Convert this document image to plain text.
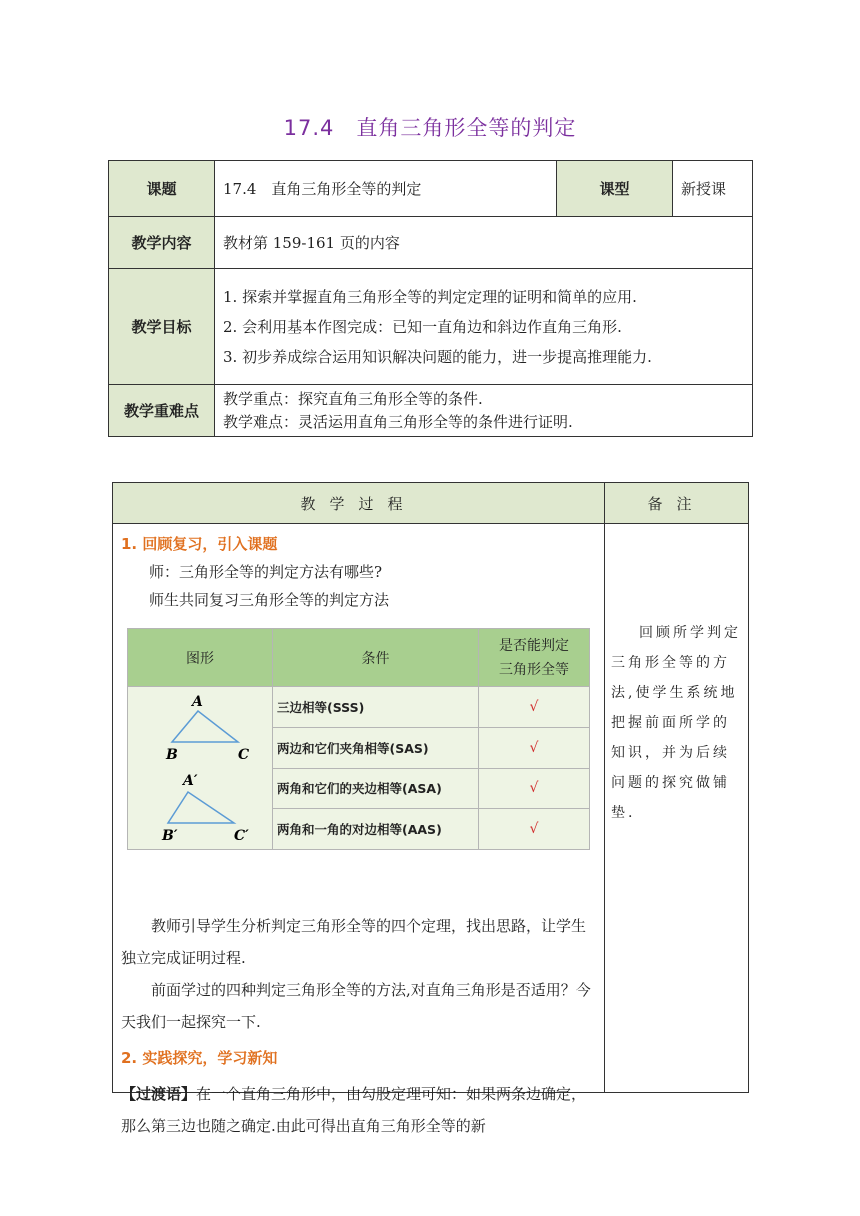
17.4　直角三角形全等的判定
课题	17.4　直角三角形全等的判定	课型	新授课
教学内容	教材第 159-161 页的内容		
教学目标	1. 探索并掌握直角三角形全等的判定定理的证明和简单的应用.
2. 会利用基本作图完成：已知一直角边和斜边作直角三角形.
3. 初步养成综合运用知识解决问题的能力，进一步提高推理能力.		

教学重难点	教学重点：探究直角三角形全等的条件.
教学难点：灵活运用直角三角形全等的条件进行证明.		
教学过程	备注

1. 回顾复习，引入课题
师：三角形全等的判定方法有哪些?
师生共同复习三角形全等的判定方法
图形	条件	
是否能判定
三角形全等

A
B	C
A′
B′	C′
	三边相等(SSS)	√
两边和它们夹角相等(SAS)	√
两角和它们的夹边相等(ASA)	√
两角和一角的对边相等(AAS)	√
教师引导学生分析判定三角形全等的四个定理，找出思路，让学生独立完成证明过程.
前面学过的四种判定三角形全等的方法,对直角三角形是否适用？今天我们一起探究一下.
2. 实践探究，学习新知
【过渡语】在一个直角三角形中，由勾股定理可知：如果两条边确定，那么第三边也随之确定.由此可得出直角三角形全等的新

回顾所学判定三角形全等的方法,使学生系统地把握前面所学的知识，并为后续问题的探究做铺垫.
